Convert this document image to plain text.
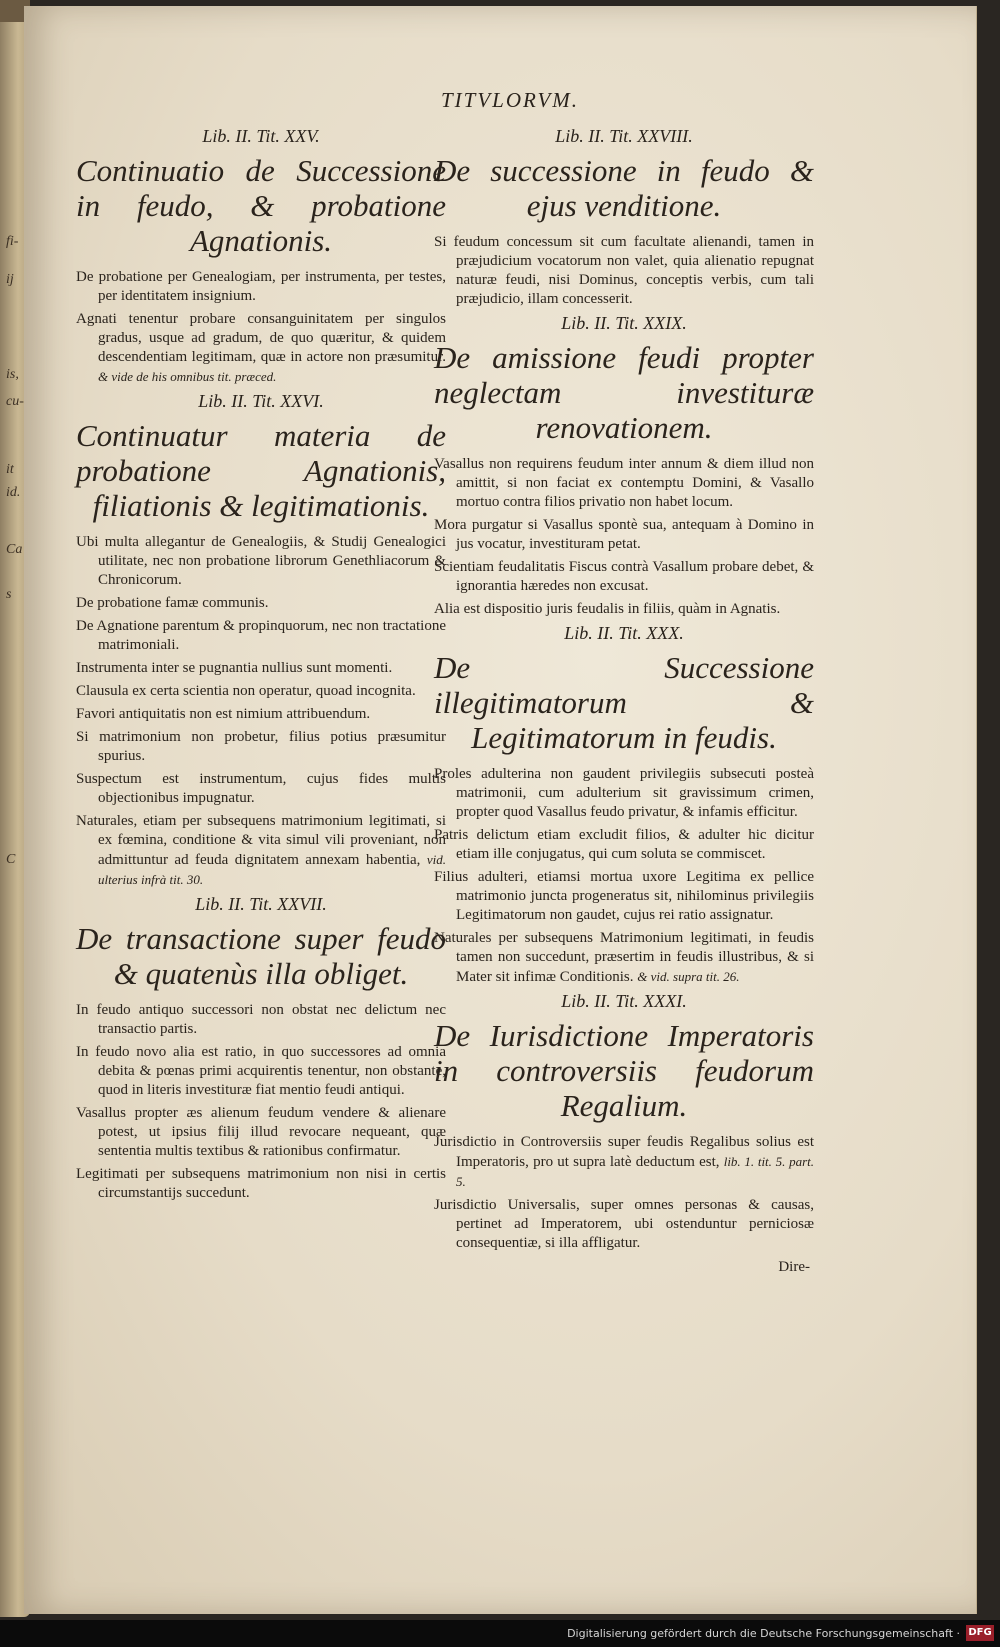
fi-
ij
is,
cu-
it
id.
Ca
s
C
TITVLORVM.
Lib. II. Tit. XXV.
Continuatio de Successione in feudo, & probatione Agnationis.
De probatione per Genealogiam, per instrumenta, per testes, per identitatem insignium.
Agnati tenentur probare consanguinitatem per singulos gradus, usque ad gradum, de quo quæritur, & quidem descendentiam legitimam, quæ in actore non præsumitur. & vide de his omnibus tit. præced.
Lib. II. Tit. XXVI.
Continuatur materia de probatione Agnationis, filiationis & legitimationis.
Ubi multa allegantur de Genealogiis, & Studij Genealogici utilitate, nec non probatione librorum Genethliacorum & Chronicorum.
De probatione famæ communis.
De Agnatione parentum & propinquorum, nec non tractatione matrimoniali.
Instrumenta inter se pugnantia nullius sunt momenti.
Clausula ex certa scientia non operatur, quoad incognita.
Favori antiquitatis non est nimium attribuendum.
Si matrimonium non probetur, filius potius præsumitur spurius.
Suspectum est instrumentum, cujus fides multis objectionibus impugnatur.
Naturales, etiam per subsequens matrimonium legitimati, si ex fœmina, conditione & vita simul vili proveniant, non admittuntur ad feuda dignitatem annexam habentia, vid. ulterius infrà tit. 30.
Lib. II. Tit. XXVII.
De transactione super feudo & quatenùs illa obliget.
In feudo antiquo successori non obstat nec delictum nec transactio partis.
In feudo novo alia est ratio, in quo successores ad omnia debita & pœnas primi acquirentis tenentur, non obstante, quod in literis investituræ fiat mentio feudi antiqui.
Vasallus propter æs alienum feudum vendere & alienare potest, ut ipsius filij illud revocare nequeant, quæ sententia multis textibus & rationibus confirmatur.
Legitimati per subsequens matrimonium non nisi in certis circumstantijs succedunt.
Lib. II. Tit. XXVIII.
De successione in feudo & ejus venditione.
Si feudum concessum sit cum facultate alienandi, tamen in præjudicium vocatorum non valet, quia alienatio repugnat naturæ feudi, nisi Dominus, conceptis verbis, cum tali præjudicio, illam concesserit.
Lib. II. Tit. XXIX.
De amissione feudi propter neglectam investituræ renovationem.
Vasallus non requirens feudum inter annum & diem illud non amittit, si non faciat ex contemptu Domini, & Vasallo mortuo contra filios privatio non habet locum.
Mora purgatur si Vasallus spontè sua, antequam à Domino in jus vocatur, investituram petat.
Scientiam feudalitatis Fiscus contrà Vasallum probare debet, & ignorantia hæredes non excusat.
Alia est dispositio juris feudalis in filiis, quàm in Agnatis.
Lib. II. Tit. XXX.
De Successione illegitimatorum & Legitimatorum in feudis.
Proles adulterina non gaudent privilegiis subsecuti posteà matrimonii, cum adulterium sit gravissimum crimen, propter quod Vasallus feudo privatur, & infamis efficitur.
Patris delictum etiam excludit filios, & adulter hic dicitur etiam ille conjugatus, qui cum soluta se commiscet.
Filius adulteri, etiamsi mortua uxore Legitima ex pellice matrimonio juncta progeneratus sit, nihilominus privilegiis Legitimatorum non gaudet, cujus rei ratio assignatur.
Naturales per subsequens Matrimonium legitimati, in feudis tamen non succedunt, præsertim in feudis illustribus, & si Mater sit infimæ Conditionis. & vid. supra tit. 26.
Lib. II. Tit. XXXI.
De Iurisdictione Imperatoris in controversiis feudorum Regalium.
Jurisdictio in Controversiis super feudis Regalibus solius est Imperatoris, pro ut supra latè deductum est, lib. 1. tit. 5. part. 5.
Jurisdictio Universalis, super omnes personas & causas, pertinet ad Imperatorem, ubi ostenduntur perniciosæ consequentiæ, si illa affligatur.
Dire-
Digitalisierung gefördert durch die Deutsche Forschungsgemeinschaft · DFG
